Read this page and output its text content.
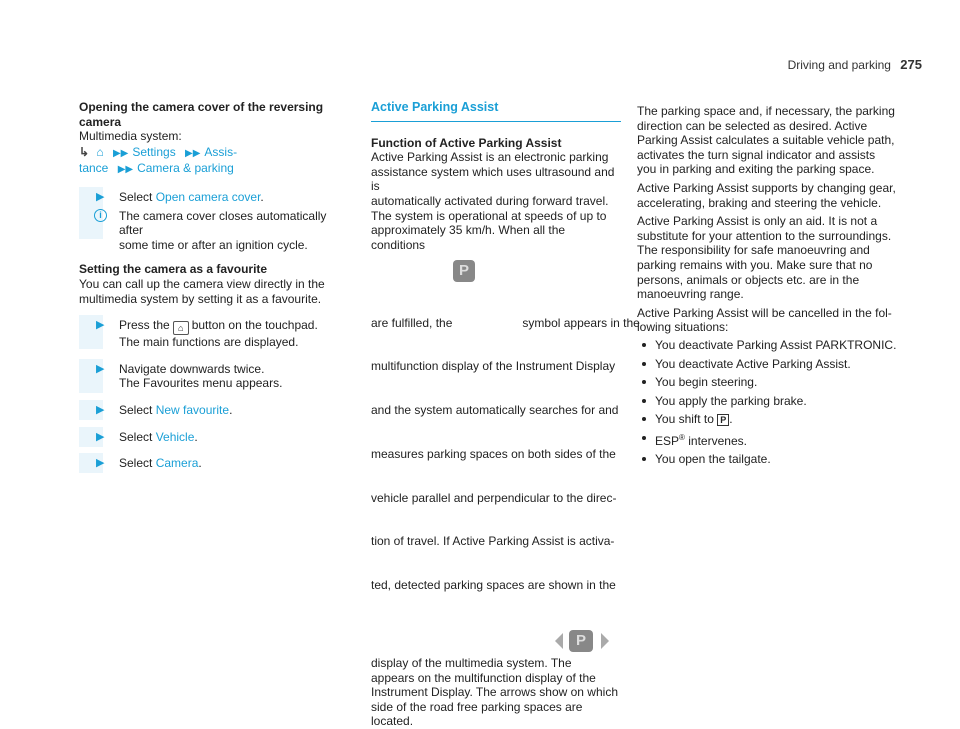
Driving and parking 275

Opening the camera cover of the reversing

camera

Multimedia system:

↳ ⌂ ▶▶ Settings ▶▶ Assis-

tance ▶▶ Camera & parking

▶ Select Open camera cover.
i	The camera cover closes automatically after

some time or after an ignition cycle.

Setting the camera as a favourite

You can call up the camera view directly in the

multimedia system by setting it as a favourite.

▶ Press the ⌂ button on the touchpad.

The main functions are displayed.

▶ Navigate downwards twice.

The Favourites menu appears.

▶ Select New favourite.
▶ Select Vehicle.
▶ Select Camera.

Active Parking Assist

Function of Active Parking Assist

Active Parking Assist is an electronic parking

assistance system which uses ultrasound and is

automatically activated during forward travel.

The system is operational at speeds of up to

approximately 35 km/h. When all the conditions

P

are fulfilled, the                     symbol appears in the

multifunction display of the Instrument Display

and the system automatically searches for and

measures parking spaces on both sides of the

vehicle parallel and perpendicular to the direc-

tion of travel. If Active Parking Assist is activa-

ted, detected parking spaces are shown in the

P

display of the multimedia system. The

appears on the multifunction display of the

Instrument Display. The arrows show on which

side of the road free parking spaces are located.

The parking space and, if necessary, the parking

direction can be selected as desired. Active

Parking Assist calculates a suitable vehicle path,

activates the turn signal indicator and assists

you in parking and exiting the parking space.

Active Parking Assist supports by changing gear,

accelerating, braking and steering the vehicle.

Active Parking Assist is only an aid. It is not a

substitute for your attention to the surroundings.

The responsibility for safe manoeuvring and

parking remains with you. Make sure that no

persons, animals or objects etc. are in the

manoeuvring range.

Active Parking Assist will be cancelled in the fol-

lowing situations:

You deactivate Parking Assist PARKTRONIC.
You deactivate Active Parking Assist.
You begin steering.
You apply the parking brake.
You shift to P .
ESP® intervenes.
You open the tailgate.
